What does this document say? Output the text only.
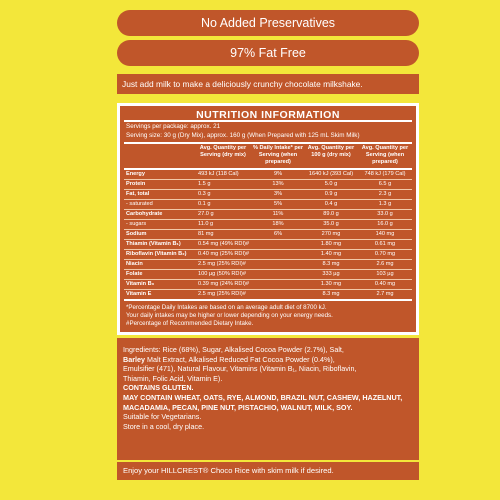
No Added Preservatives
97% Fat Free
Just add milk to make a deliciously crunchy chocolate milkshake.
NUTRITION INFORMATION
Servings per package: approx. 21
Serving size: 30 g (Dry Mix), approx. 160 g (When Prepared with 125 mL Skim Milk)
	Avg. Quantity per Serving (dry mix)	% Daily Intake* per Serving (when prepared)	Avg. Quantity per 100 g (dry mix)	Avg. Quantity per Serving (when prepared)
Energy	493 kJ (118 Cal)	9%	1640 kJ (393 Cal)	748 kJ (179 Cal)
Protein	1.5 g	13%	5.0 g	6.5 g
Fat, total	0.3 g	3%	0.9 g	2.3 g
- saturated	0.1 g	5%	0.4 g	1.3 g
Carbohydrate	27.0 g	11%	89.0 g	33.0 g
- sugars	11.0 g	18%	35.0 g	16.0 g
Sodium	81 mg	6%	270 mg	140 mg
Thiamin (Vitamin B₁)	0.54 mg (49% RDI)#		1.80 mg	0.61 mg
Riboflavin (Vitamin B₂)	0.40 mg (25% RDI)#		1.40 mg	0.70 mg
Niacin	2.5 mg (25% RDI)#		8.3 mg	2.6 mg
Folate	100 µg (50% RDI)#		333 µg	103 µg
Vitamin B₆	0.39 mg (24% RDI)#		1.30 mg	0.40 mg
Vitamin E	2.5 mg (25% RDI)#		8.3 mg	2.7 mg
*Percentage Daily Intakes are based on an average adult diet of 8700 kJ.
Your daily intakes may be higher or lower depending on your energy needs.
#Percentage of Recommended Dietary Intake.
Ingredients: Rice (68%), Sugar, Alkalised Cocoa Powder (2.7%), Salt,
Barley Malt Extract, Alkalised Reduced Fat Cocoa Powder (0.4%),
Emulsifier (471), Natural Flavour, Vitamins (Vitamin B₁, Niacin, Riboflavin,
Thiamin, Folic Acid, Vitamin E).
CONTAINS GLUTEN.
MAY CONTAIN WHEAT, OATS, RYE, ALMOND, BRAZIL NUT, CASHEW, HAZELNUT, MACADAMIA, PECAN, PINE NUT, PISTACHIO, WALNUT, MILK, SOY.
Suitable for Vegetarians.
Store in a cool, dry place.
Enjoy your HILLCREST® Choco Rice with skim milk if desired.
